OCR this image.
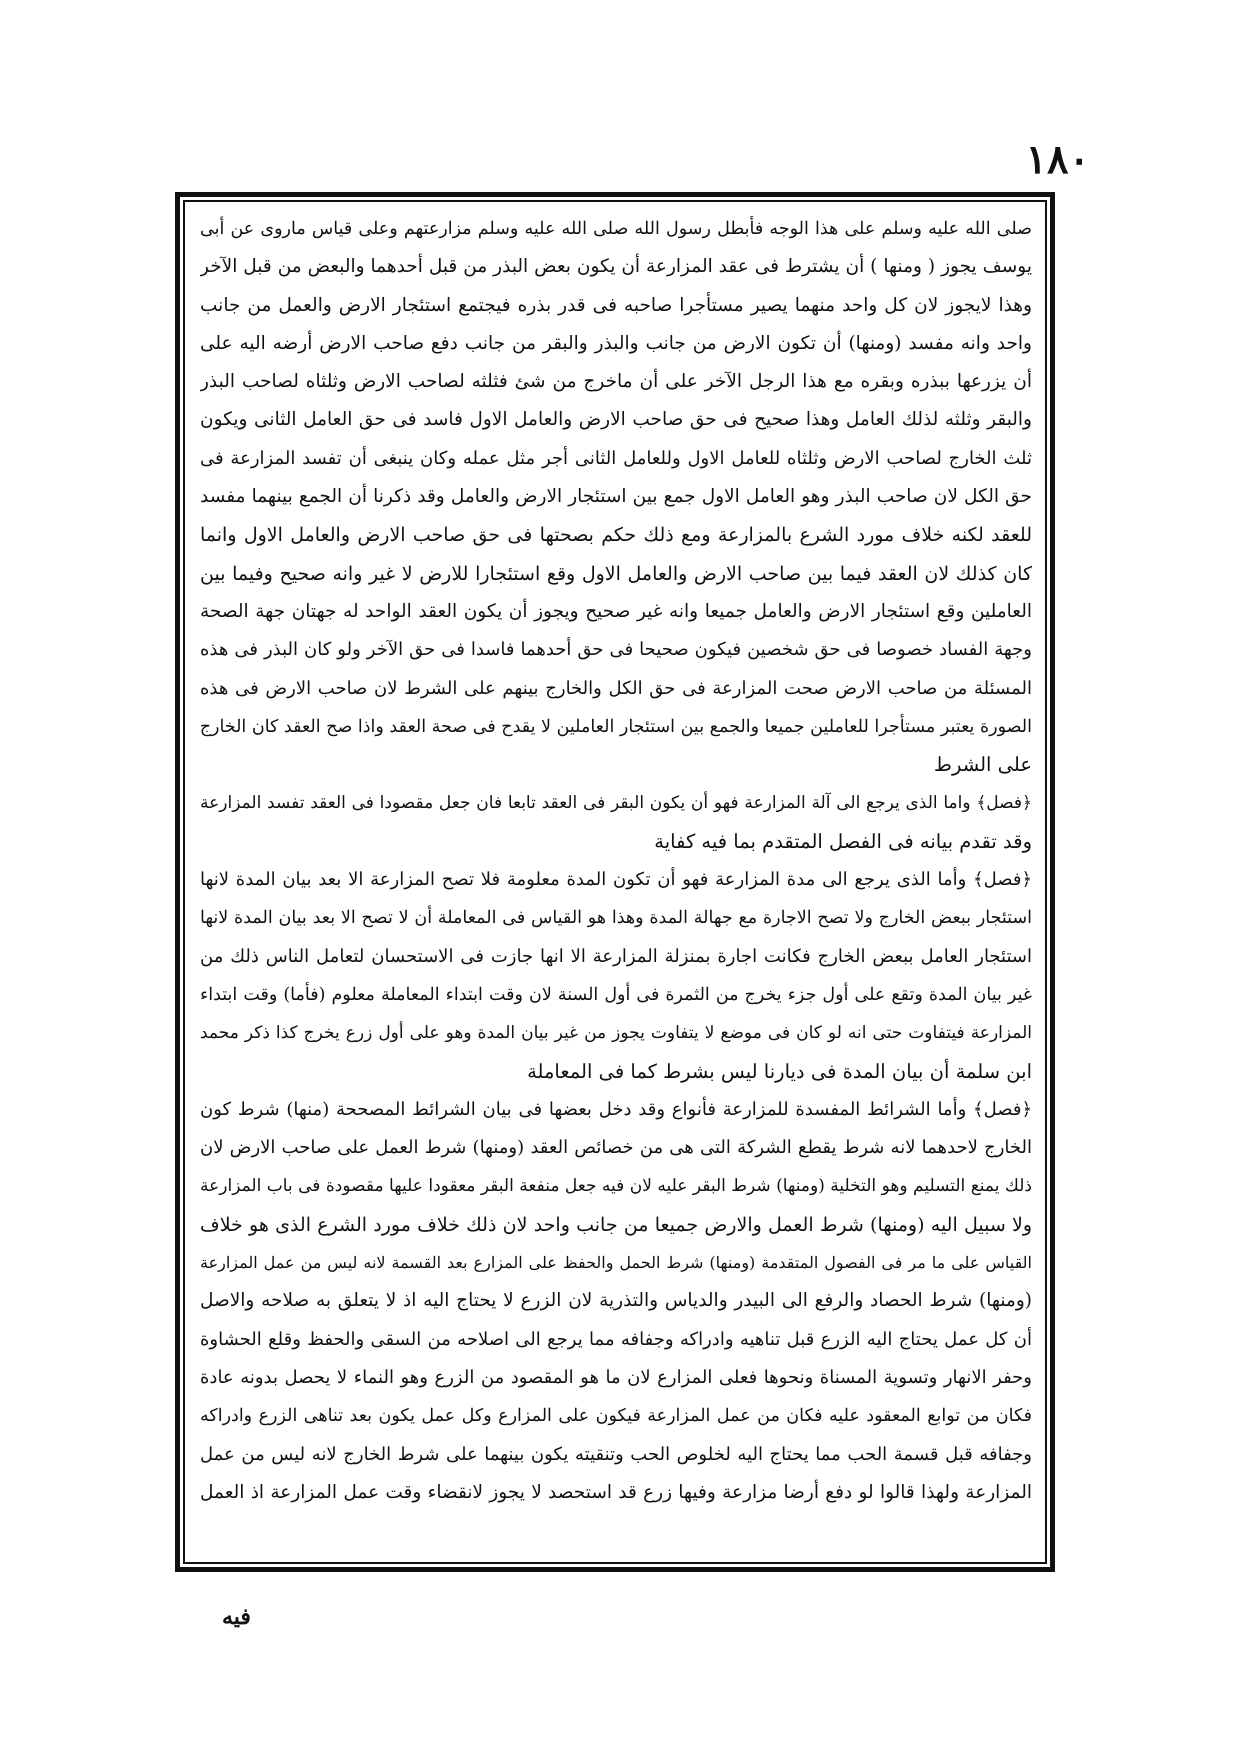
١٨٠
صلى الله عليه وسلم على هذا الوجه فأبطل رسول الله صلى الله عليه وسلم مزارعتهم وعلى قياس ماروى عن أبى
يوسف يجوز ( ومنها ) أن يشترط فى عقد المزارعة أن يكون بعض البذر من قبل أحدهما والبعض من قبل الآخر
وهذا لايجوز لان كل واحد منهما يصير مستأجرا صاحبه فى قدر بذره فيجتمع استئجار الارض والعمل من جانب
واحد وانه مفسد (ومنها) أن تكون الارض من جانب والبذر والبقر من جانب دفع صاحب الارض أرضه اليه على
أن يزرعها ببذره وبقره مع هذا الرجل الآخر على أن ماخرج من شئ فثلثه لصاحب الارض وثلثاه لصاحب البذر
والبقر وثلثه لذلك العامل وهذا صحيح فى حق صاحب الارض والعامل الاول فاسد فى حق العامل الثانى ويكون
ثلث الخارج لصاحب الارض وثلثاه للعامل الاول وللعامل الثانى أجر مثل عمله وكان ينبغى أن تفسد المزارعة فى
حق الكل لان صاحب البذر وهو العامل الاول جمع بين استئجار الارض والعامل وقد ذكرنا أن الجمع بينهما مفسد
للعقد لكنه خلاف مورد الشرع بالمزارعة ومع ذلك حكم بصحتها فى حق صاحب الارض والعامل الاول وانما
كان كذلك لان العقد فيما بين صاحب الارض والعامل الاول وقع استئجارا للارض لا غير وانه صحيح وفيما بين
العاملين وقع استئجار الارض والعامل جميعا وانه غير صحيح ويجوز أن يكون العقد الواحد له جهتان جهة الصحة
وجهة الفساد خصوصا فى حق شخصين فيكون صحيحا فى حق أحدهما فاسدا فى حق الآخر ولو كان البذر فى هذه
المسئلة من صاحب الارض صحت المزارعة فى حق الكل والخارج بينهم على الشرط لان صاحب الارض فى هذه
الصورة يعتبر مستأجرا للعاملين جميعا والجمع بين استئجار العاملين لا يقدح فى صحة العقد واذا صح العقد كان الخارج
على الشرط
﴿فصل﴾ واما الذى يرجع الى آلة المزارعة فهو أن يكون البقر فى العقد تابعا فان جعل مقصودا فى العقد تفسد المزارعة
وقد تقدم بيانه فى الفصل المتقدم بما فيه كفاية
﴿فصل﴾ وأما الذى يرجع الى مدة المزارعة فهو أن تكون المدة معلومة فلا تصح المزارعة الا بعد بيان المدة لانها
استئجار ببعض الخارج ولا تصح الاجارة مع جهالة المدة وهذا هو القياس فى المعاملة أن لا تصح الا بعد بيان المدة لانها
استئجار العامل ببعض الخارج فكانت اجارة بمنزلة المزارعة الا انها جازت فى الاستحسان لتعامل الناس ذلك من
غير بيان المدة وتقع على أول جزء يخرج من الثمرة فى أول السنة لان وقت ابتداء المعاملة معلوم (فأما) وقت ابتداء
المزارعة فيتفاوت حتى انه لو كان فى موضع لا يتفاوت يجوز من غير بيان المدة وهو على أول زرع يخرج كذا ذكر محمد
ابن سلمة أن بيان المدة فى ديارنا ليس بشرط كما فى المعاملة
﴿فصل﴾ وأما الشرائط المفسدة للمزارعة فأنواع وقد دخل بعضها فى بيان الشرائط المصححة (منها) شرط كون
الخارج لاحدهما لانه شرط يقطع الشركة التى هى من خصائص العقد (ومنها) شرط العمل على صاحب الارض لان
ذلك يمنع التسليم وهو التخلية (ومنها) شرط البقر عليه لان فيه جعل منفعة البقر معقودا عليها مقصودة فى باب المزارعة
ولا سبيل اليه (ومنها) شرط العمل والارض جميعا من جانب واحد لان ذلك خلاف مورد الشرع الذى هو خلاف
القياس على ما مر فى الفصول المتقدمة (ومنها) شرط الحمل والحفظ على المزارع بعد القسمة لانه ليس من عمل المزارعة
(ومنها) شرط الحصاد والرفع الى البيدر والدياس والتذرية لان الزرع لا يحتاج اليه اذ لا يتعلق به صلاحه والاصل
أن كل عمل يحتاج اليه الزرع قبل تناهيه وادراكه وجفافه مما يرجع الى اصلاحه من السقى والحفظ وقلع الحشاوة
وحفر الانهار وتسوية المسناة ونحوها فعلى المزارع لان ما هو المقصود من الزرع وهو النماء لا يحصل بدونه عادة
فكان من توابع المعقود عليه فكان من عمل المزارعة فيكون على المزارع وكل عمل يكون بعد تناهى الزرع وادراكه
وجفافه قبل قسمة الحب مما يحتاج اليه لخلوص الحب وتنقيته يكون بينهما على شرط الخارج لانه ليس من عمل
المزارعة ولهذا قالوا لو دفع أرضا مزارعة وفيها زرع قد استحصد لا يجوز لانقضاء وقت عمل المزارعة اذ العمل
فيه
